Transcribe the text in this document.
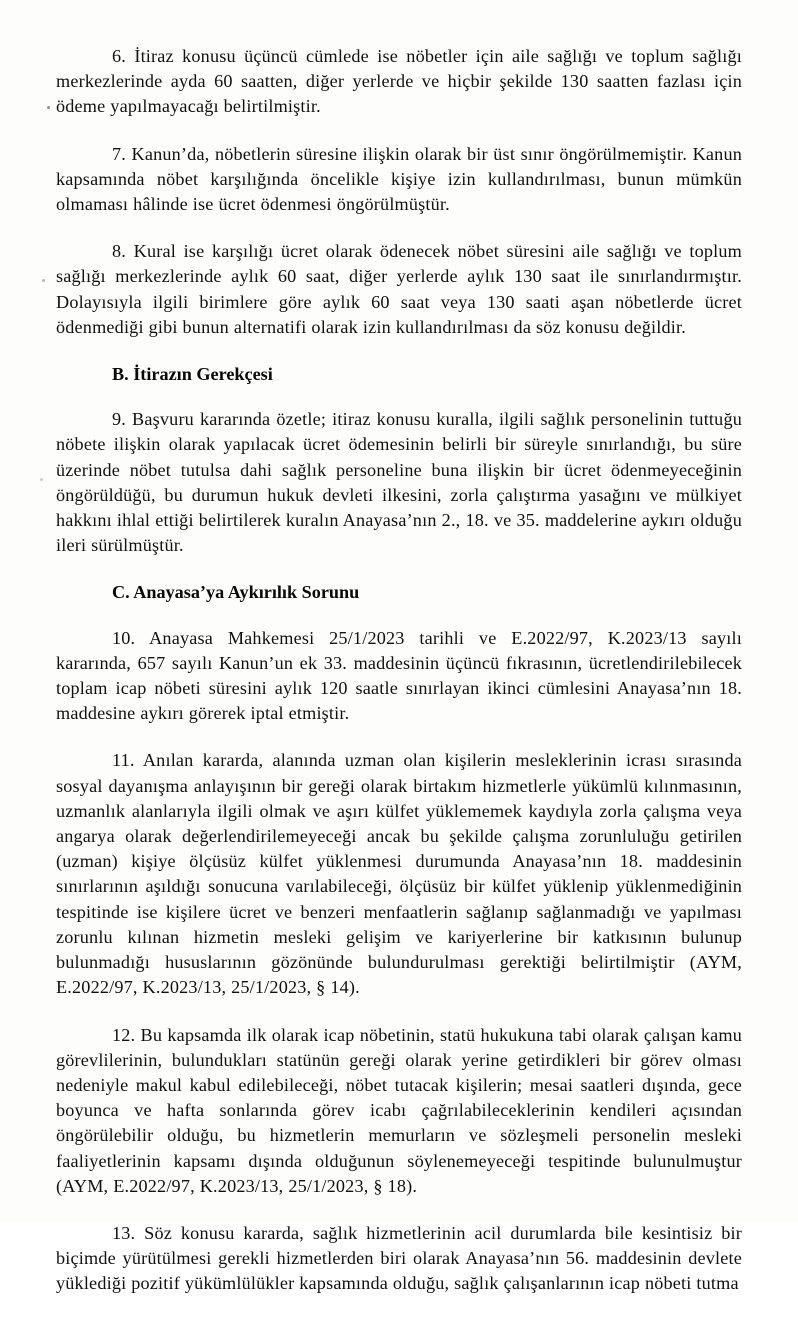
6. İtiraz konusu üçüncü cümlede ise nöbetler için aile sağlığı ve toplum sağlığı merkezlerinde ayda 60 saatten, diğer yerlerde ve hiçbir şekilde 130 saatten fazlası için ödeme yapılmayacağı belirtilmiştir.

7. Kanun’da, nöbetlerin süresine ilişkin olarak bir üst sınır öngörülmemiştir. Kanun kapsamında nöbet karşılığında öncelikle kişiye izin kullandırılması, bunun mümkün olmaması hâlinde ise ücret ödenmesi öngörülmüştür.

8. Kural ise karşılığı ücret olarak ödenecek nöbet süresini aile sağlığı ve toplum sağlığı merkezlerinde aylık 60 saat, diğer yerlerde aylık 130 saat ile sınırlandırmıştır. Dolayısıyla ilgili birimlere göre aylık 60 saat veya 130 saati aşan nöbetlerde ücret ödenmediği gibi bunun alternatifi olarak izin kullandırılması da söz konusu değildir.

B. İtirazın Gerekçesi

9. Başvuru kararında özetle; itiraz konusu kuralla, ilgili sağlık personelinin tuttuğu nöbete ilişkin olarak yapılacak ücret ödemesinin belirli bir süreyle sınırlandığı, bu süre üzerinde nöbet tutulsa dahi sağlık personeline buna ilişkin bir ücret ödenmeyeceğinin öngörüldüğü, bu durumun hukuk devleti ilkesini, zorla çalıştırma yasağını ve mülkiyet hakkını ihlal ettiği belirtilerek kuralın Anayasa’nın 2., 18. ve 35. maddelerine aykırı olduğu ileri sürülmüştür.

C. Anayasa’ya Aykırılık Sorunu

10. Anayasa Mahkemesi 25/1/2023 tarihli ve E.2022/97, K.2023/13 sayılı kararında, 657 sayılı Kanun’un ek 33. maddesinin üçüncü fıkrasının, ücretlendirilebilecek toplam icap nöbeti süresini aylık 120 saatle sınırlayan ikinci cümlesini Anayasa’nın 18. maddesine aykırı görerek iptal etmiştir.

11. Anılan kararda, alanında uzman olan kişilerin mesleklerinin icrası sırasında sosyal dayanışma anlayışının bir gereği olarak birtakım hizmetlerle yükümlü kılınmasının, uzmanlık alanlarıyla ilgili olmak ve aşırı külfet yüklememek kaydıyla zorla çalışma veya angarya olarak değerlendirilemeyeceği ancak bu şekilde çalışma zorunluluğu getirilen (uzman) kişiye ölçüsüz külfet yüklenmesi durumunda Anayasa’nın 18. maddesinin sınırlarının aşıldığı sonucuna varılabileceği, ölçüsüz bir külfet yüklenip yüklenmediğinin tespitinde ise kişilere ücret ve benzeri menfaatlerin sağlanıp sağlanmadığı ve yapılması zorunlu kılınan hizmetin mesleki gelişim ve kariyerlerine bir katkısının bulunup bulunmadığı hususlarının gözönünde bulundurulması gerektiği belirtilmiştir (AYM, E.2022/97, K.2023/13, 25/1/2023, § 14).

12. Bu kapsamda ilk olarak icap nöbetinin, statü hukukuna tabi olarak çalışan kamu görevlilerinin, bulundukları statünün gereği olarak yerine getirdikleri bir görev olması nedeniyle makul kabul edilebileceği, nöbet tutacak kişilerin; mesai saatleri dışında, gece boyunca ve hafta sonlarında görev icabı çağrılabileceklerinin kendileri açısından öngörülebilir olduğu, bu hizmetlerin memurların ve sözleşmeli personelin mesleki faaliyetlerinin kapsamı dışında olduğunun söylenemeyeceği tespitinde bulunulmuştur (AYM, E.2022/97, K.2023/13, 25/1/2023, § 18).

13. Söz konusu kararda, sağlık hizmetlerinin acil durumlarda bile kesintisiz bir biçimde yürütülmesi gerekli hizmetlerden biri olarak Anayasa’nın 56. maddesinin devlete yüklediği pozitif yükümlülükler kapsamında olduğu, sağlık çalışanlarının icap nöbeti tutma
